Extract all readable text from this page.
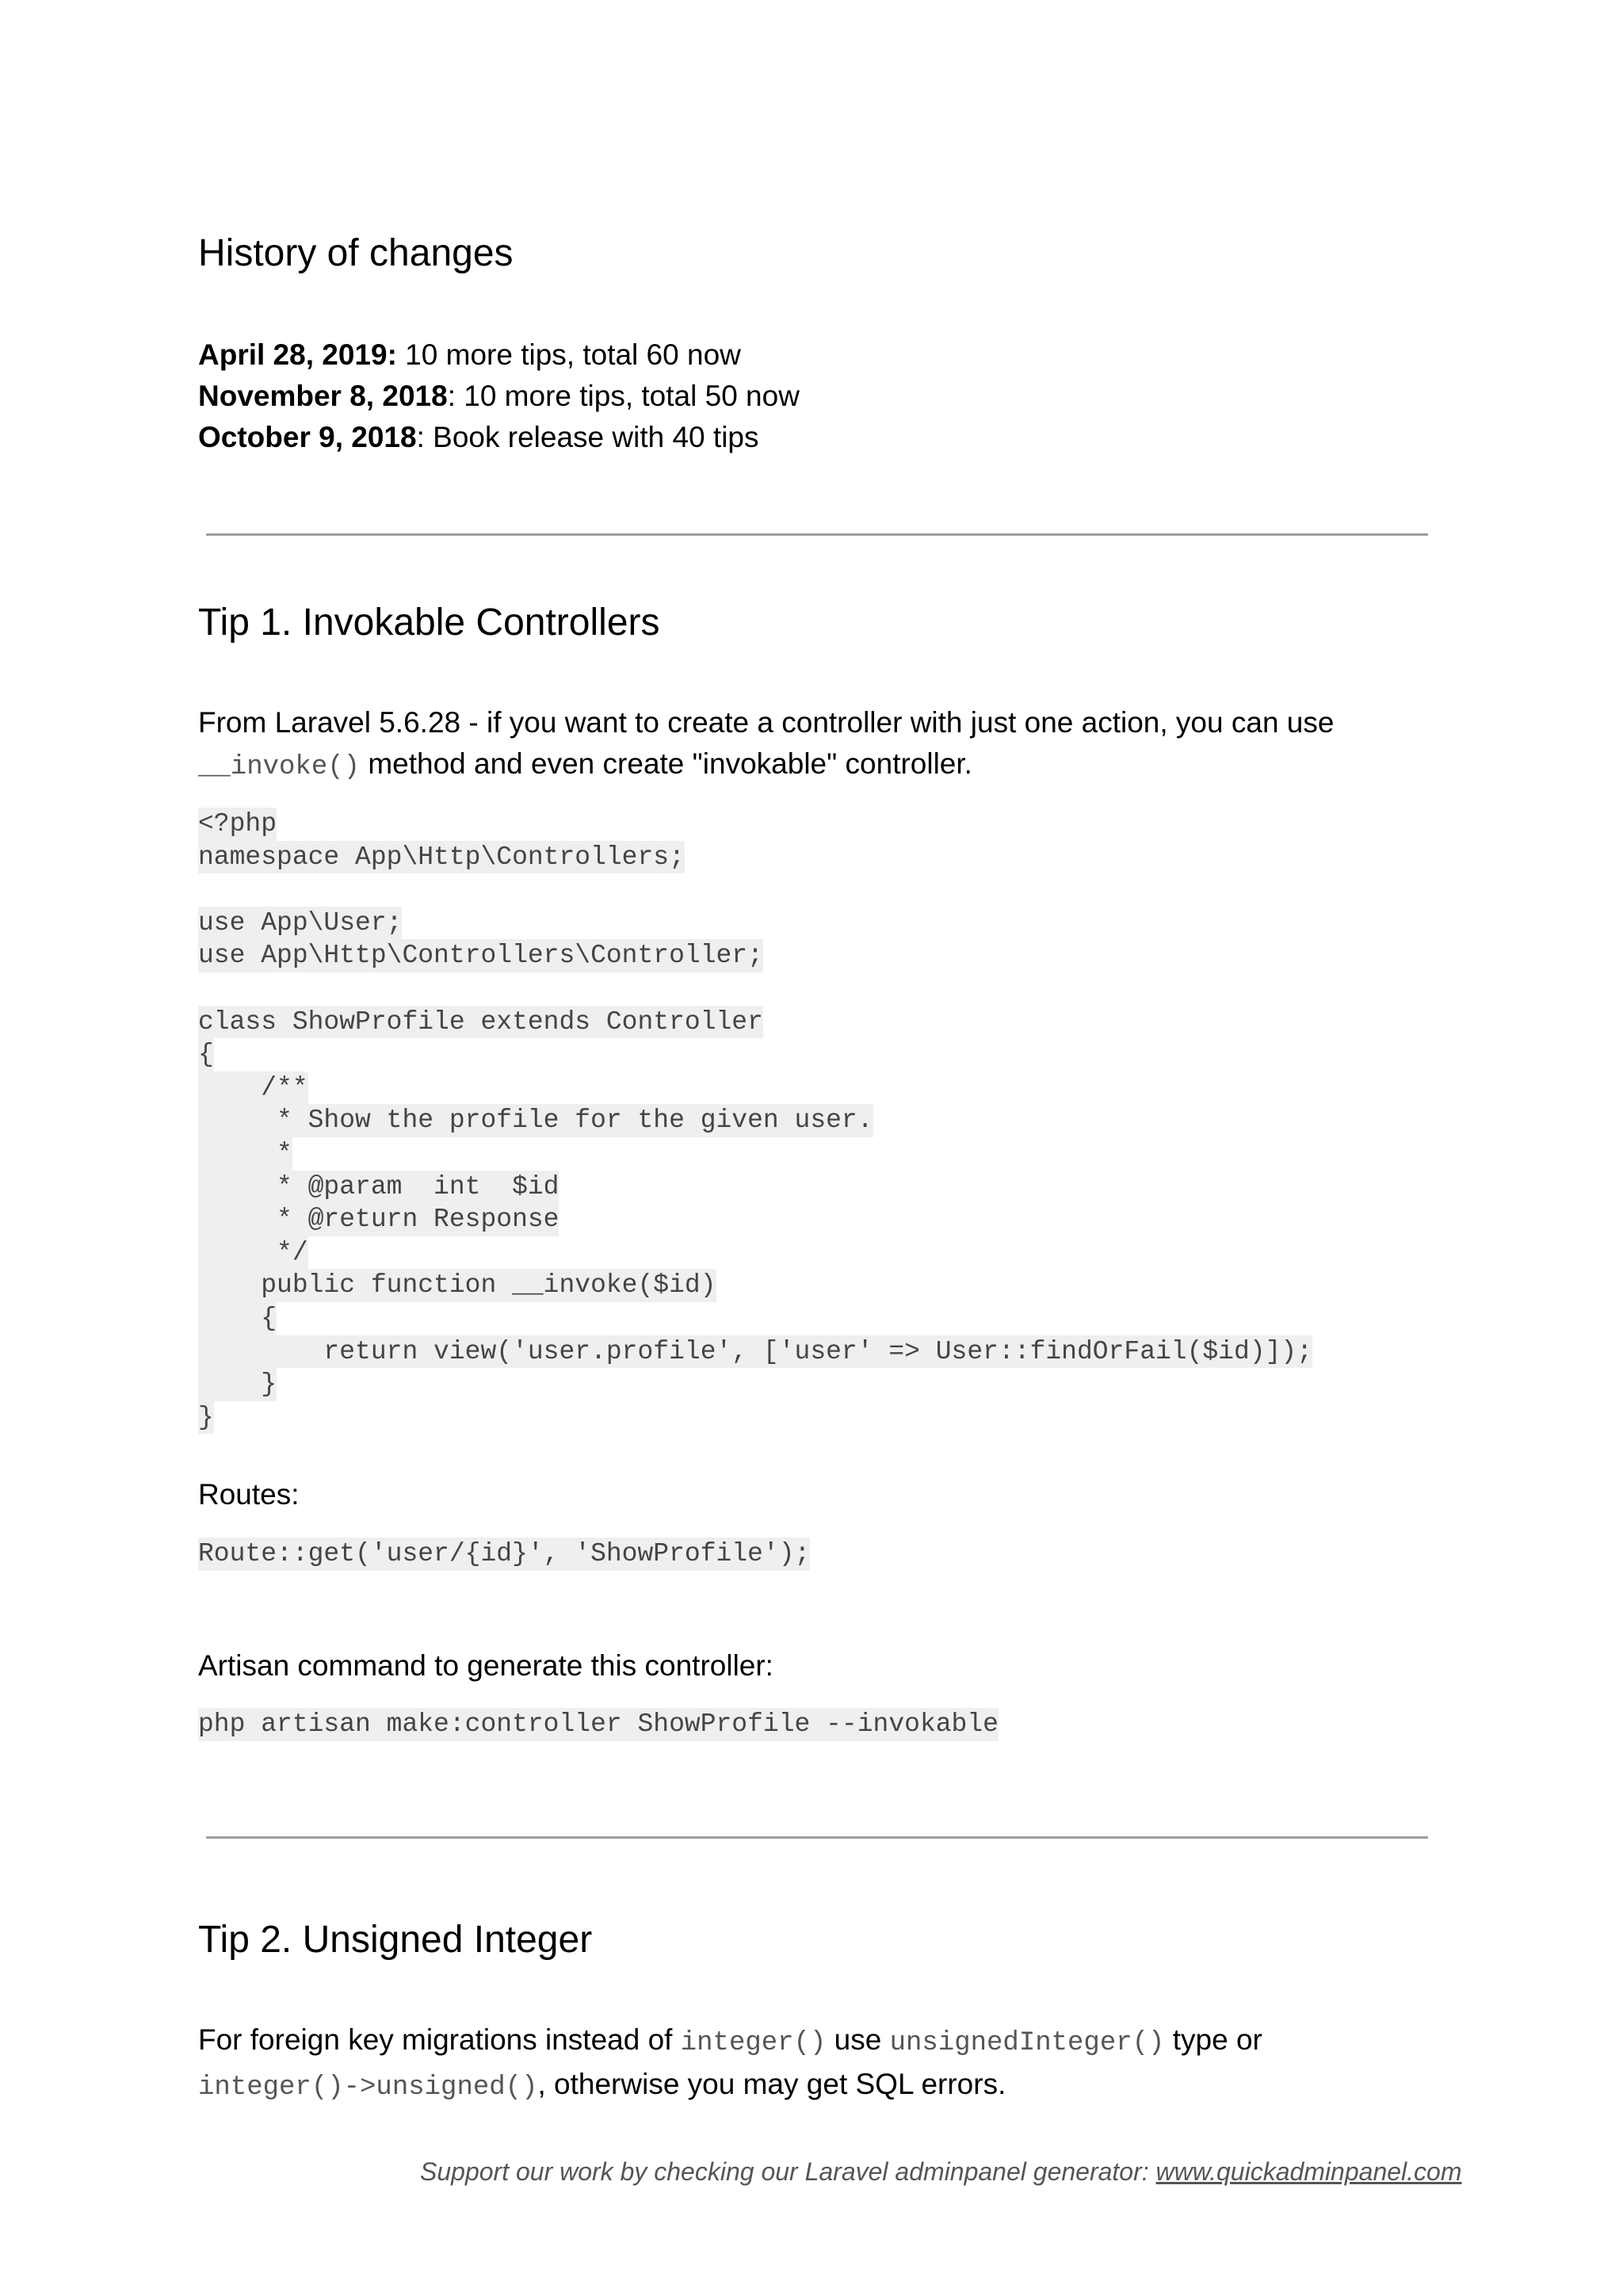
History of changes
April 28, 2019: 10 more tips, total 60 now
November 8, 2018: 10 more tips, total 50 now
October 9, 2018: Book release with 40 tips
Tip 1. Invokable Controllers
From Laravel 5.6.28 - if you want to create a controller with just one action, you can use
__invoke() method and even create "invokable" controller.
<?php
namespace App\Http\Controllers;
use App\User;
use App\Http\Controllers\Controller;
class ShowProfile extends Controller
{
/**
* Show the profile for the given user.
*
* @param  int  $id
* @return Response
*/
public function __invoke($id)
{
return view('user.profile', ['user' => User::findOrFail($id)]);
}
}
Routes:
Route::get('user/{id}', 'ShowProfile');
Artisan command to generate this controller:
php artisan make:controller ShowProfile --invokable
Tip 2. Unsigned Integer
For foreign key migrations instead of integer() use unsignedInteger() type or
integer()->unsigned(), otherwise you may get SQL errors.
Support our work by checking our Laravel adminpanel generator: www.quickadminpanel.com
